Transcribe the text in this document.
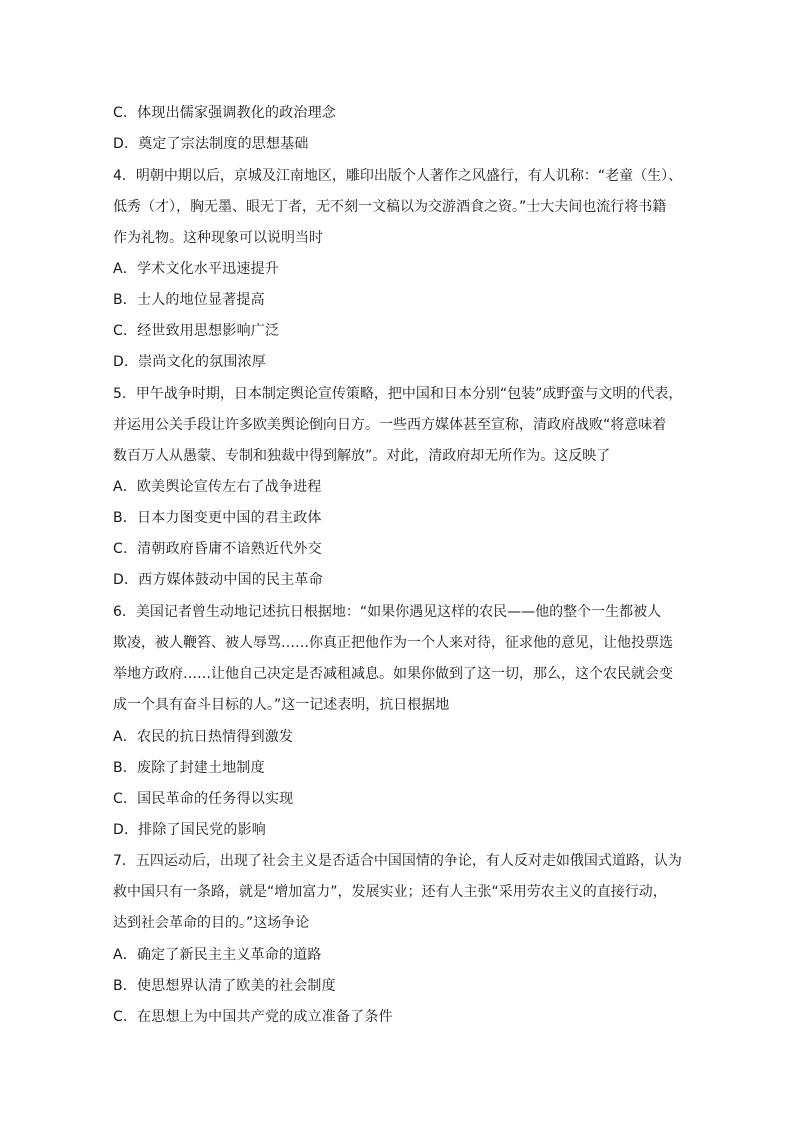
C．体现出儒家强调教化的政治理念
D．奠定了宗法制度的思想基础
4．明朝中期以后，京城及江南地区，雕印出版个人著作之风盛行，有人讥称：“老童（生）、
低秀（才），胸无墨、眼无丁者，无不刻一文稿以为交游酒食之资。”士大夫间也流行将书籍
作为礼物。这种现象可以说明当时
A．学术文化水平迅速提升
B．士人的地位显著提高
C．经世致用思想影响广泛
D．崇尚文化的氛围浓厚
5．甲午战争时期，日本制定舆论宣传策略，把中国和日本分别“包装”成野蛮与文明的代表，
并运用公关手段让许多欧美舆论倒向日方。一些西方媒体甚至宣称，清政府战败“将意味着
数百万人从愚蒙、专制和独裁中得到解放”。对此，清政府却无所作为。这反映了
A．欧美舆论宣传左右了战争进程
B．日本力图变更中国的君主政体
C．清朝政府昏庸不谙熟近代外交
D．西方媒体鼓动中国的民主革命
6．美国记者曾生动地记述抗日根据地：“如果你遇见这样的农民——他的整个一生都被人
欺凌，被人鞭笞、被人辱骂……你真正把他作为一个人来对待，征求他的意见，让他投票选
举地方政府……让他自己决定是否减租减息。如果你做到了这一切，那么，这个农民就会变
成一个具有奋斗目标的人。”这一记述表明，抗日根据地
A．农民的抗日热情得到激发
B．废除了封建土地制度
C．国民革命的任务得以实现
D．排除了国民党的影响
7．五四运动后，出现了社会主义是否适合中国国情的争论，有人反对走如俄国式道路，认为
救中国只有一条路，就是“增加富力”，发展实业；还有人主张“采用劳农主义的直接行动，
达到社会革命的目的。”这场争论
A．确定了新民主主义革命的道路
B．使思想界认清了欧美的社会制度
C．在思想上为中国共产党的成立准备了条件
